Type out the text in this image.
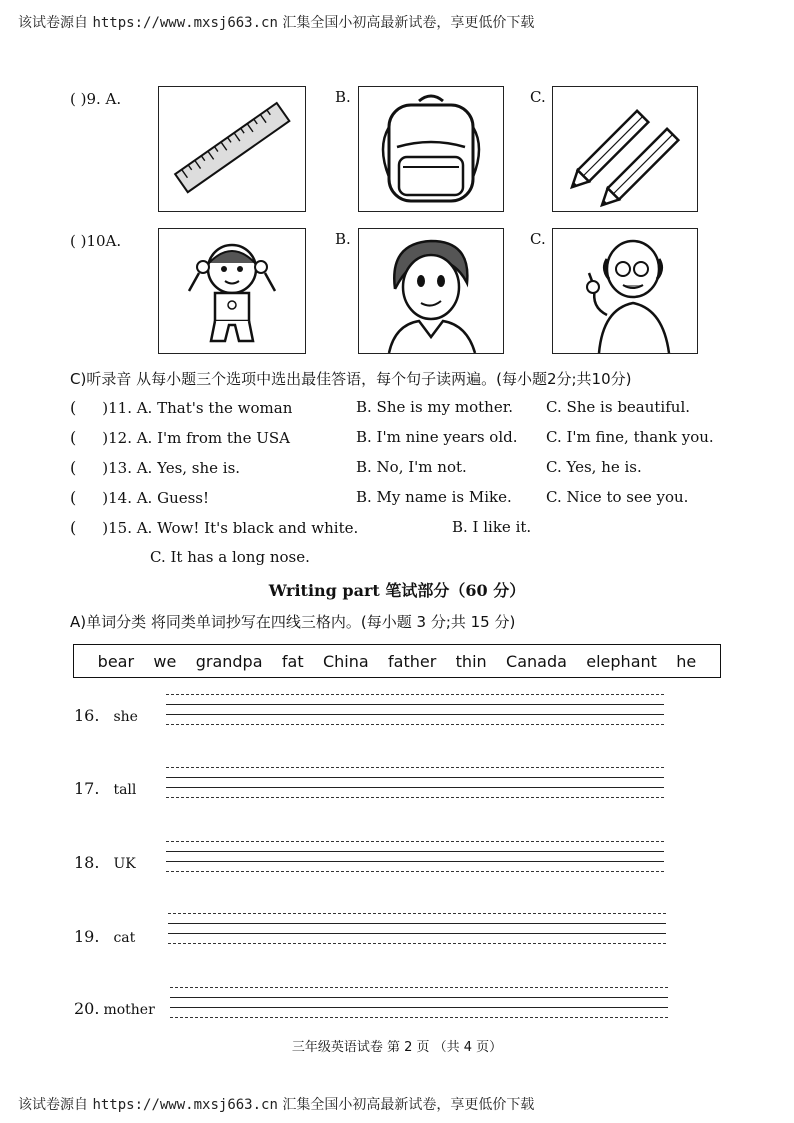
该试卷源自 https://www.mxsj663.cn 汇集全国小初高最新试卷，享更低价下载
( )9. A.	B.	C.
( )10A.	B.	C.
C)听录音 从每小题三个选项中选出最佳答语，每个句子读两遍。(每小题2分;共10分)
( )11. A. That's the woman	B. She is my mother. C. She is beautiful.
( )12. A. I'm from the USA	B. I'm nine years old. C. I'm fine, thank you.
( )13. A. Yes, she is.	B. No, I'm not.	C. Yes, he is.
( )14. A. Guess!	B. My name is Mike. C. Nice to see you.
( )15. A. Wow! It's black and white.	B. I like it.
C. It has a long nose.
Writing part 笔试部分（60 分）
A)单词分类 将同类单词抄写在四线三格内。(每小题 3 分;共 15 分)
bear we grandpa fat China father thin Canada elephant he
16. she
17. tall
18. UK
19. cat
20. mother
三年级英语试卷 第 2 页 （共 4 页）
该试卷源自 https://www.mxsj663.cn 汇集全国小初高最新试卷，享更低价下载
